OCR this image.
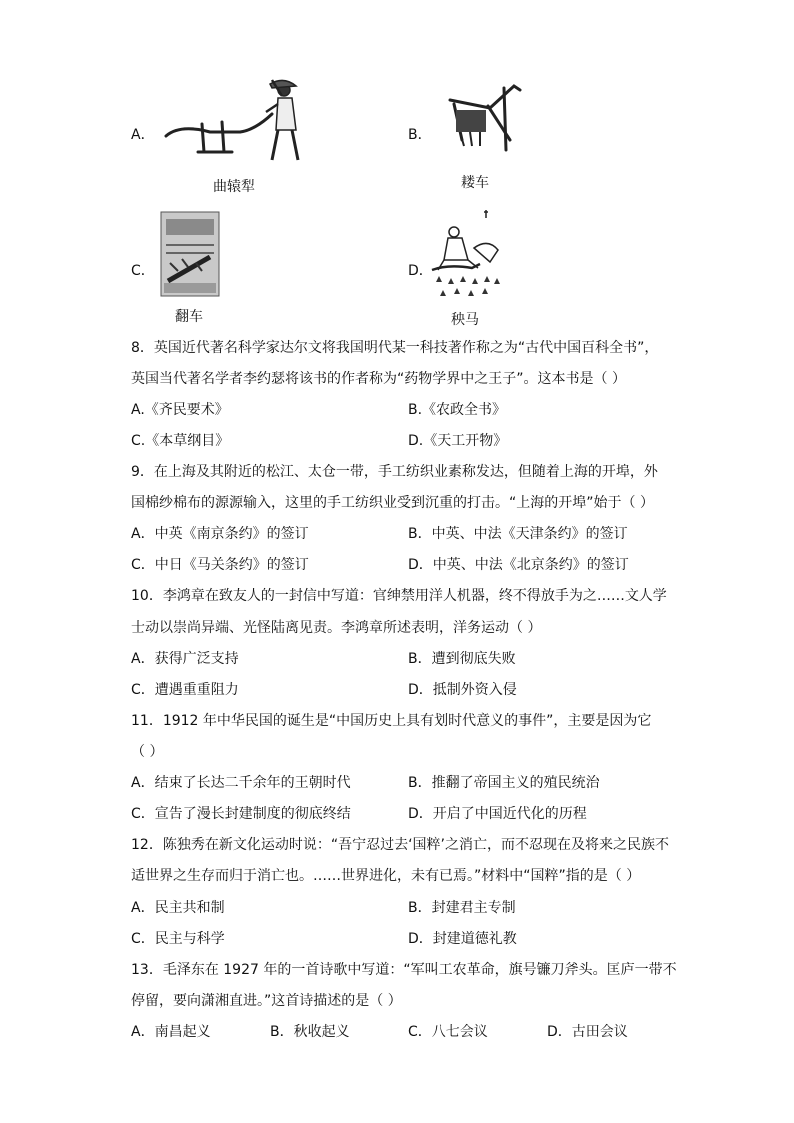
A．
曲辕犁
B．
耧车
C．
翻车
D．
秧马
8．英国近代著名科学家达尔文将我国明代某一科技著作称之为“古代中国百科全书”，
英国当代著名学者李约瑟将该书的作者称为“药物学界中之王子”。这本书是（ ）
A.《齐民要术》	B.《农政全书》
C.《本草纲目》	D.《天工开物》
9．在上海及其附近的松江、太仓一带，手工纺织业素称发达，但随着上海的开埠，外
国棉纱棉布的源源输入，这里的手工纺织业受到沉重的打击。“上海的开埠”始于（ ）
A．中英《南京条约》的签订	B．中英、中法《天津条约》的签订
C．中日《马关条约》的签订	D．中英、中法《北京条约》的签订
10．李鸿章在致友人的一封信中写道：官绅禁用洋人机器，终不得放手为之……文人学
士动以崇尚异端、光怪陆离见责。李鸿章所述表明，洋务运动（ ）
A．获得广泛支持	B．遭到彻底失败
C．遭遇重重阻力	D．抵制外资入侵
11．1912 年中华民国的诞生是“中国历史上具有划时代意义的事件”，主要是因为它
（ ）
A．结束了长达二千余年的王朝时代	B．推翻了帝国主义的殖民统治
C．宣告了漫长封建制度的彻底终结	D．开启了中国近代化的历程
12．陈独秀在新文化运动时说：“吾宁忍过去‘国粹’之消亡，而不忍现在及将来之民族不
适世界之生存而归于消亡也。……世界进化，未有已焉。”材料中“国粹”指的是（ ）
A．民主共和制	B．封建君主专制
C．民主与科学	D．封建道德礼教
13．毛泽东在 1927 年的一首诗歌中写道：“军叫工农革命，旗号镰刀斧头。匡庐一带不
停留，要向潇湘直进。”这首诗描述的是（ ）
A．南昌起义	B．秋收起义	C．八七会议	D．古田会议
